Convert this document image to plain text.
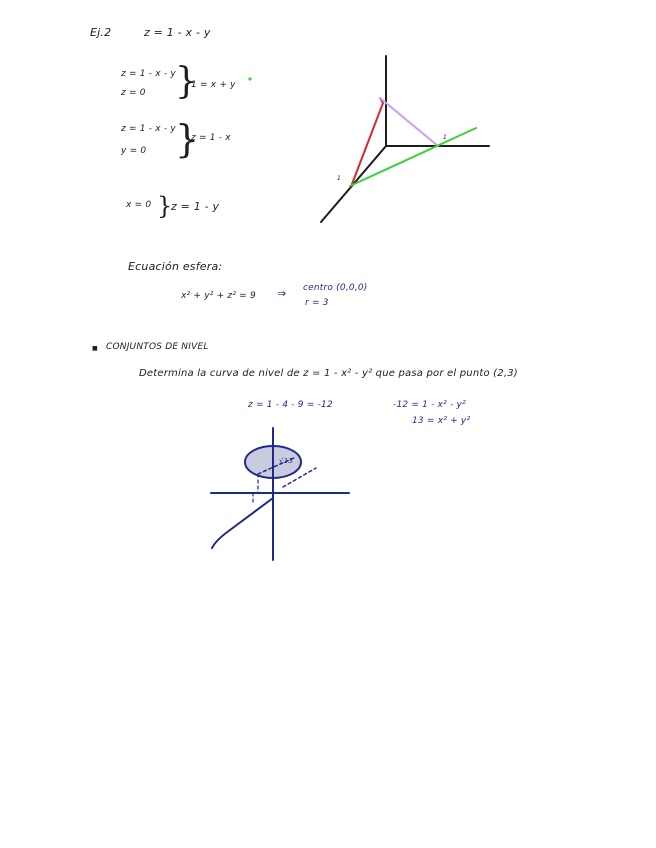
Ej.2	z = 1 - x - y
z = 1 - x - y
z = 0 }
1 = x + y
z = 1 - x - y
y = 0 }
z = 1 - x
x = 0 }
z = 1 - y
1
1
Ecuación esfera:
x² + y² + z² = 9 ⇒ centro (0,0,0)
r = 3
■ CONJUNTOS DE NIVEL
Determina la curva de nivel de z = 1 - x² - y² que pasa por el punto (2,3)
z = 1 - 4 - 9 = -12	-12 = 1 - x² - y²
13 = x² + y²
√13
